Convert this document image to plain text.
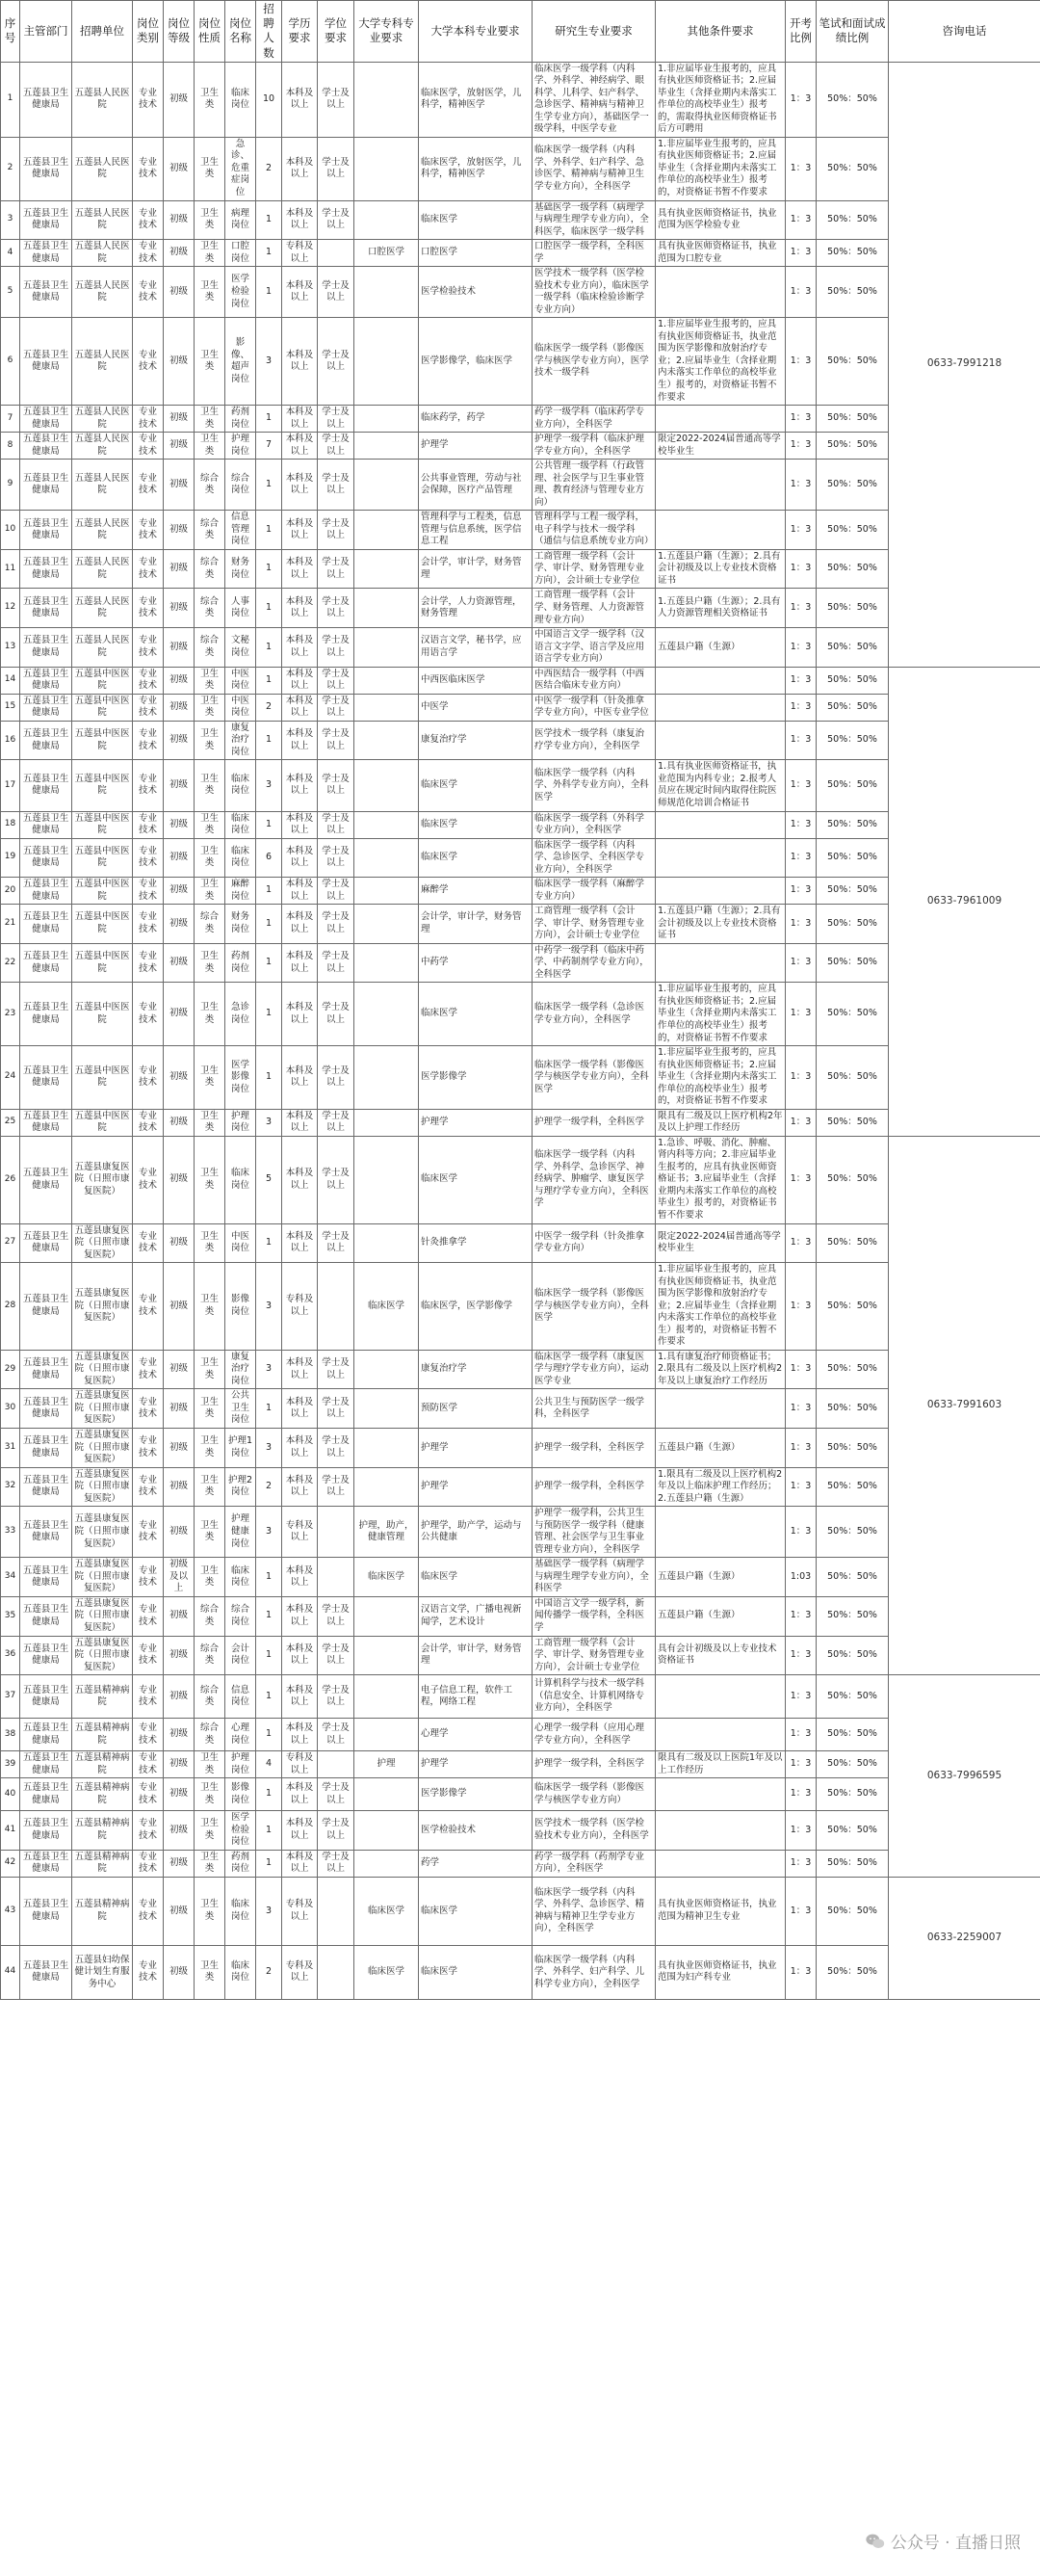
序号	主管部门	招聘单位	岗位类别	岗位等级	岗位性质	岗位名称	招聘人数	学历要求	学位要求	大学专科专业要求	大学本科专业要求	研究生专业要求	其他条件要求	开考比例	笔试和面试成绩比例	咨询电话
1	五莲县卫生健康局	五莲县人民医院	专业技术	初级	卫生类	临床岗位	10	本科及以上	学士及以上		临床医学，放射医学，儿科学，精神医学	临床医学一级学科（内科学、外科学、神经病学、眼科学、儿科学、妇产科学、急诊医学、精神病与精神卫生学专业方向），基础医学一级学科，中医学专业	1.非应届毕业生报考的，应具有执业医师资格证书；2.应届毕业生（含择业期内未落实工作单位的高校毕业生）报考的，需取得执业医师资格证书后方可聘用	1：3	50%：50%	0633-7991218
2	五莲县卫生健康局	五莲县人民医院	专业技术	初级	卫生类	急诊、危重症岗位	2	本科及以上	学士及以上		临床医学，放射医学，儿科学，精神医学	临床医学一级学科（内科学、外科学、妇产科学、急诊医学、精神病与精神卫生学专业方向），全科医学	1.非应届毕业生报考的，应具有执业医师资格证书；2.应届毕业生（含择业期内未落实工作单位的高校毕业生）报考的，对资格证书暂不作要求	1：3	50%：50%	
3	五莲县卫生健康局	五莲县人民医院	专业技术	初级	卫生类	病理岗位	1	本科及以上	学士及以上		临床医学	基础医学一级学科（病理学与病理生理学专业方向），全科医学，临床医学一级学科	具有执业医师资格证书，执业范围为医学检验专业	1：3	50%：50%	
4	五莲县卫生健康局	五莲县人民医院	专业技术	初级	卫生类	口腔岗位	1	专科及以上		口腔医学	口腔医学	口腔医学一级学科，全科医学	具有执业医师资格证书，执业范围为口腔专业	1：3	50%：50%	
5	五莲县卫生健康局	五莲县人民医院	专业技术	初级	卫生类	医学检验岗位	1	本科及以上	学士及以上		医学检验技术	医学技术一级学科（医学检验技术专业方向），临床医学一级学科（临床检验诊断学专业方向）		1：3	50%：50%	
6	五莲县卫生健康局	五莲县人民医院	专业技术	初级	卫生类	影像、超声岗位	3	本科及以上	学士及以上		医学影像学，临床医学	临床医学一级学科（影像医学与核医学专业方向），医学技术一级学科	1.非应届毕业生报考的，应具有执业医师资格证书，执业范围为医学影像和放射治疗专业；2.应届毕业生（含择业期内未落实工作单位的高校毕业生）报考的，对资格证书暂不作要求	1：3	50%：50%	
7	五莲县卫生健康局	五莲县人民医院	专业技术	初级	卫生类	药剂岗位	1	本科及以上	学士及以上		临床药学，药学	药学一级学科（临床药学专业方向），全科医学		1：3	50%：50%	
8	五莲县卫生健康局	五莲县人民医院	专业技术	初级	卫生类	护理岗位	7	本科及以上	学士及以上		护理学	护理学一级学科（临床护理学专业方向），全科医学	限定2022-2024届普通高等学校毕业生	1：3	50%：50%	
9	五莲县卫生健康局	五莲县人民医院	专业技术	初级	综合类	综合岗位	1	本科及以上	学士及以上		公共事业管理，劳动与社会保障，医疗产品管理	公共管理一级学科（行政管理、社会医学与卫生事业管理、教育经济与管理专业方向）		1：3	50%：50%	
10	五莲县卫生健康局	五莲县人民医院	专业技术	初级	综合类	信息管理岗位	1	本科及以上	学士及以上		管理科学与工程类，信息管理与信息系统，医学信息工程	管理科学与工程一级学科，电子科学与技术一级学科（通信与信息系统专业方向）		1：3	50%：50%	
11	五莲县卫生健康局	五莲县人民医院	专业技术	初级	综合类	财务岗位	1	本科及以上	学士及以上		会计学，审计学，财务管理	工商管理一级学科（会计学、审计学、财务管理专业方向），会计硕士专业学位	1.五莲县户籍（生源）；2.具有会计初级及以上专业技术资格证书	1：3	50%：50%	
12	五莲县卫生健康局	五莲县人民医院	专业技术	初级	综合类	人事岗位	1	本科及以上	学士及以上		会计学，人力资源管理，财务管理	工商管理一级学科（会计学、财务管理、人力资源管理专业方向）	1.五莲县户籍（生源）；2.具有人力资源管理相关资格证书	1：3	50%：50%	
13	五莲县卫生健康局	五莲县人民医院	专业技术	初级	综合类	文秘岗位	1	本科及以上	学士及以上		汉语言文学，秘书学，应用语言学	中国语言文学一级学科（汉语言文字学、语言学及应用语言学专业方向）	五莲县户籍（生源）	1：3	50%：50%	
14	五莲县卫生健康局	五莲县中医医院	专业技术	初级	卫生类	中医岗位	1	本科及以上	学士及以上		中西医临床医学	中西医结合一级学科（中西医结合临床专业方向）		1：3	50%：50%	0633-7961009
15	五莲县卫生健康局	五莲县中医医院	专业技术	初级	卫生类	中医岗位	2	本科及以上	学士及以上		中医学	中医学一级学科（针灸推拿学专业方向），中医专业学位		1：3	50%：50%	
16	五莲县卫生健康局	五莲县中医医院	专业技术	初级	卫生类	康复治疗岗位	1	本科及以上	学士及以上		康复治疗学	医学技术一级学科（康复治疗学专业方向），全科医学		1：3	50%：50%	
17	五莲县卫生健康局	五莲县中医医院	专业技术	初级	卫生类	临床岗位	3	本科及以上	学士及以上		临床医学	临床医学一级学科（内科学、外科学专业方向），全科医学	1.具有执业医师资格证书，执业范围为内科专业；2.报考人员应在规定时间内取得住院医师规范化培训合格证书	1：3	50%：50%	
18	五莲县卫生健康局	五莲县中医医院	专业技术	初级	卫生类	临床岗位	1	本科及以上	学士及以上		临床医学	临床医学一级学科（外科学专业方向），全科医学		1：3	50%：50%	
19	五莲县卫生健康局	五莲县中医医院	专业技术	初级	卫生类	临床岗位	6	本科及以上	学士及以上		临床医学	临床医学一级学科（内科学、急诊医学、全科医学专业方向），全科医学		1：3	50%：50%	
20	五莲县卫生健康局	五莲县中医医院	专业技术	初级	卫生类	麻醉岗位	1	本科及以上	学士及以上		麻醉学	临床医学一级学科（麻醉学专业方向）		1：3	50%：50%	
21	五莲县卫生健康局	五莲县中医医院	专业技术	初级	综合类	财务岗位	1	本科及以上	学士及以上		会计学，审计学，财务管理	工商管理一级学科（会计学、审计学、财务管理专业方向），会计硕士专业学位	1.五莲县户籍（生源）；2.具有会计初级及以上专业技术资格证书	1：3	50%：50%	
22	五莲县卫生健康局	五莲县中医医院	专业技术	初级	卫生类	药剂岗位	1	本科及以上	学士及以上		中药学	中药学一级学科（临床中药学、中药制剂学专业方向），全科医学		1：3	50%：50%	
23	五莲县卫生健康局	五莲县中医医院	专业技术	初级	卫生类	急诊岗位	1	本科及以上	学士及以上		临床医学	临床医学一级学科（急诊医学专业方向），全科医学	1.非应届毕业生报考的，应具有执业医师资格证书；2.应届毕业生（含择业期内未落实工作单位的高校毕业生）报考的，对资格证书暂不作要求	1：3	50%：50%	
24	五莲县卫生健康局	五莲县中医医院	专业技术	初级	卫生类	医学影像岗位	1	本科及以上	学士及以上		医学影像学	临床医学一级学科（影像医学与核医学专业方向），全科医学	1.非应届毕业生报考的，应具有执业医师资格证书；2.应届毕业生（含择业期内未落实工作单位的高校毕业生）报考的，对资格证书暂不作要求	1：3	50%：50%	
25	五莲县卫生健康局	五莲县中医医院	专业技术	初级	卫生类	护理岗位	3	本科及以上	学士及以上		护理学	护理学一级学科，全科医学	限具有二级及以上医疗机构2年及以上护理工作经历	1：3	50%：50%	
26	五莲县卫生健康局	五莲县康复医院（日照市康复医院）	专业技术	初级	卫生类	临床岗位	5	本科及以上	学士及以上		临床医学	临床医学一级学科（内科学、外科学、急诊医学、神经病学、肿瘤学、康复医学与理疗学专业方向），全科医学	1.急诊、呼吸、消化、肿瘤、肾内科等方向；2.非应届毕业生报考的，应具有执业医师资格证书；3.应届毕业生（含择业期内未落实工作单位的高校毕业生）报考的，对资格证书暂不作要求	1：3	50%：50%	0633-7991603
27	五莲县卫生健康局	五莲县康复医院（日照市康复医院）	专业技术	初级	卫生类	中医岗位	1	本科及以上	学士及以上		针灸推拿学	中医学一级学科（针灸推拿学专业方向）	限定2022-2024届普通高等学校毕业生	1：3	50%：50%	
28	五莲县卫生健康局	五莲县康复医院（日照市康复医院）	专业技术	初级	卫生类	影像岗位	3	专科及以上		临床医学	临床医学，医学影像学	临床医学一级学科（影像医学与核医学专业方向），全科医学	1.非应届毕业生报考的，应具有执业医师资格证书，执业范围为医学影像和放射治疗专业；2.应届毕业生（含择业期内未落实工作单位的高校毕业生）报考的，对资格证书暂不作要求	1：3	50%：50%	
29	五莲县卫生健康局	五莲县康复医院（日照市康复医院）	专业技术	初级	卫生类	康复治疗岗位	3	本科及以上	学士及以上		康复治疗学	临床医学一级学科（康复医学与理疗学专业方向），运动医学专业	1.具有康复治疗师资格证书；2.限具有二级及以上医疗机构2年及以上康复治疗工作经历	1：3	50%：50%	
30	五莲县卫生健康局	五莲县康复医院（日照市康复医院）	专业技术	初级	卫生类	公共卫生岗位	1	本科及以上	学士及以上		预防医学	公共卫生与预防医学一级学科，全科医学		1：3	50%：50%	
31	五莲县卫生健康局	五莲县康复医院（日照市康复医院）	专业技术	初级	卫生类	护理1岗位	3	本科及以上	学士及以上		护理学	护理学一级学科，全科医学	五莲县户籍（生源）	1：3	50%：50%	
32	五莲县卫生健康局	五莲县康复医院（日照市康复医院）	专业技术	初级	卫生类	护理2岗位	2	本科及以上	学士及以上		护理学	护理学一级学科，全科医学	1.限具有二级及以上医疗机构2年及以上临床护理工作经历；2.五莲县户籍（生源）	1：3	50%：50%	
33	五莲县卫生健康局	五莲县康复医院（日照市康复医院）	专业技术	初级	卫生类	护理健康岗位	3	专科及以上		护理，助产，健康管理	护理学，助产学，运动与公共健康	护理学一级学科，公共卫生与预防医学一级学科（健康管理、社会医学与卫生事业管理专业方向），全科医学		1：3	50%：50%	
34	五莲县卫生健康局	五莲县康复医院（日照市康复医院）	专业技术	初级及以上	卫生类	临床岗位	1	本科及以上		临床医学	临床医学	基础医学一级学科（病理学与病理生理学专业方向），全科医学	五莲县户籍（生源）	1:03	50%：50%	
35	五莲县卫生健康局	五莲县康复医院（日照市康复医院）	专业技术	初级	综合类	综合岗位	1	本科及以上	学士及以上		汉语言文学，广播电视新闻学，艺术设计	中国语言文学一级学科，新闻传播学一级学科，全科医学	五莲县户籍（生源）	1：3	50%：50%	
36	五莲县卫生健康局	五莲县康复医院（日照市康复医院）	专业技术	初级	综合类	会计岗位	1	本科及以上	学士及以上		会计学，审计学，财务管理	工商管理一级学科（会计学、审计学、财务管理专业方向），会计硕士专业学位	具有会计初级及以上专业技术资格证书	1：3	50%：50%	
37	五莲县卫生健康局	五莲县精神病院	专业技术	初级	综合类	信息岗位	1	本科及以上	学士及以上		电子信息工程，软件工程，网络工程	计算机科学与技术一级学科（信息安全、计算机网络专业方向），全科医学		1：3	50%：50%	0633-7996595
38	五莲县卫生健康局	五莲县精神病院	专业技术	初级	综合类	心理岗位	1	本科及以上	学士及以上		心理学	心理学一级学科（应用心理学专业方向），全科医学		1：3	50%：50%	
39	五莲县卫生健康局	五莲县精神病院	专业技术	初级	卫生类	护理岗位	4	专科及以上		护理	护理学	护理学一级学科，全科医学	限具有二级及以上医院1年及以上工作经历	1：3	50%：50%	
40	五莲县卫生健康局	五莲县精神病院	专业技术	初级	卫生类	影像岗位	1	本科及以上	学士及以上		医学影像学	临床医学一级学科（影像医学与核医学专业方向）		1：3	50%：50%	
41	五莲县卫生健康局	五莲县精神病院	专业技术	初级	卫生类	医学检验岗位	1	本科及以上	学士及以上		医学检验技术	医学技术一级学科（医学检验技术专业方向），全科医学		1：3	50%：50%	
42	五莲县卫生健康局	五莲县精神病院	专业技术	初级	卫生类	药剂岗位	1	本科及以上	学士及以上		药学	药学一级学科（药剂学专业方向），全科医学		1：3	50%：50%	
43	五莲县卫生健康局	五莲县精神病院	专业技术	初级	卫生类	临床岗位	3	专科及以上		临床医学	临床医学	临床医学一级学科（内科学、外科学、急诊医学、精神病与精神卫生学专业方向），全科医学	具有执业医师资格证书，执业范围为精神卫生专业	1：3	50%：50%	0633-2259007
44	五莲县卫生健康局	五莲县妇幼保健计划生育服务中心	专业技术	初级	卫生类	临床岗位	2	专科及以上		临床医学	临床医学	临床医学一级学科（内科学、外科学、妇产科学、儿科学专业方向），全科医学	具有执业医师资格证书，执业范围为妇产科专业	1：3	50%：50%	
公众号 · 直播日照
